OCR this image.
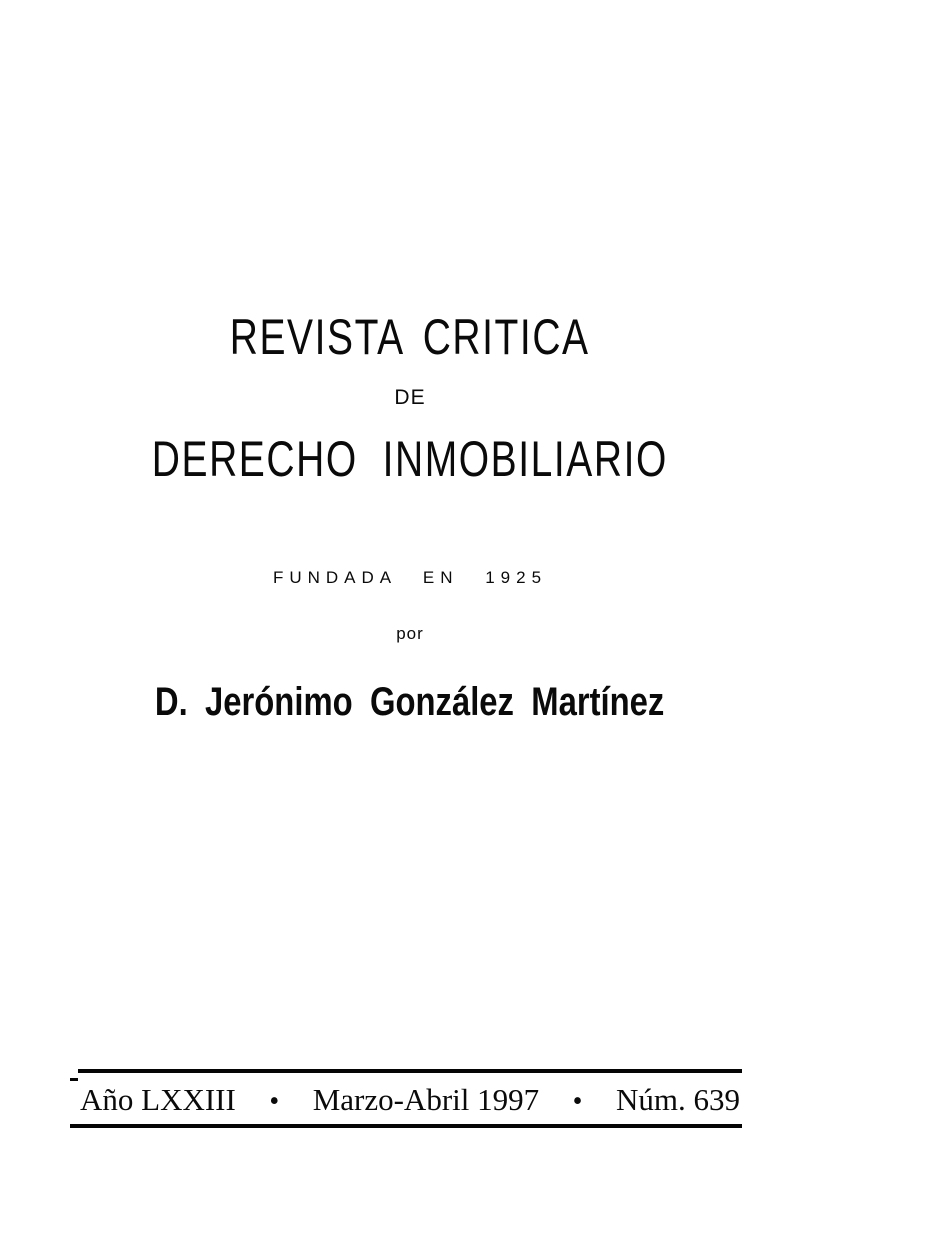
REVISTA CRITICA
DE
DERECHO INMOBILIARIO
FUNDADA EN 1925
por
D. Jerónimo González Martínez
Año LXXIII • Marzo-Abril 1997 • Núm. 639
